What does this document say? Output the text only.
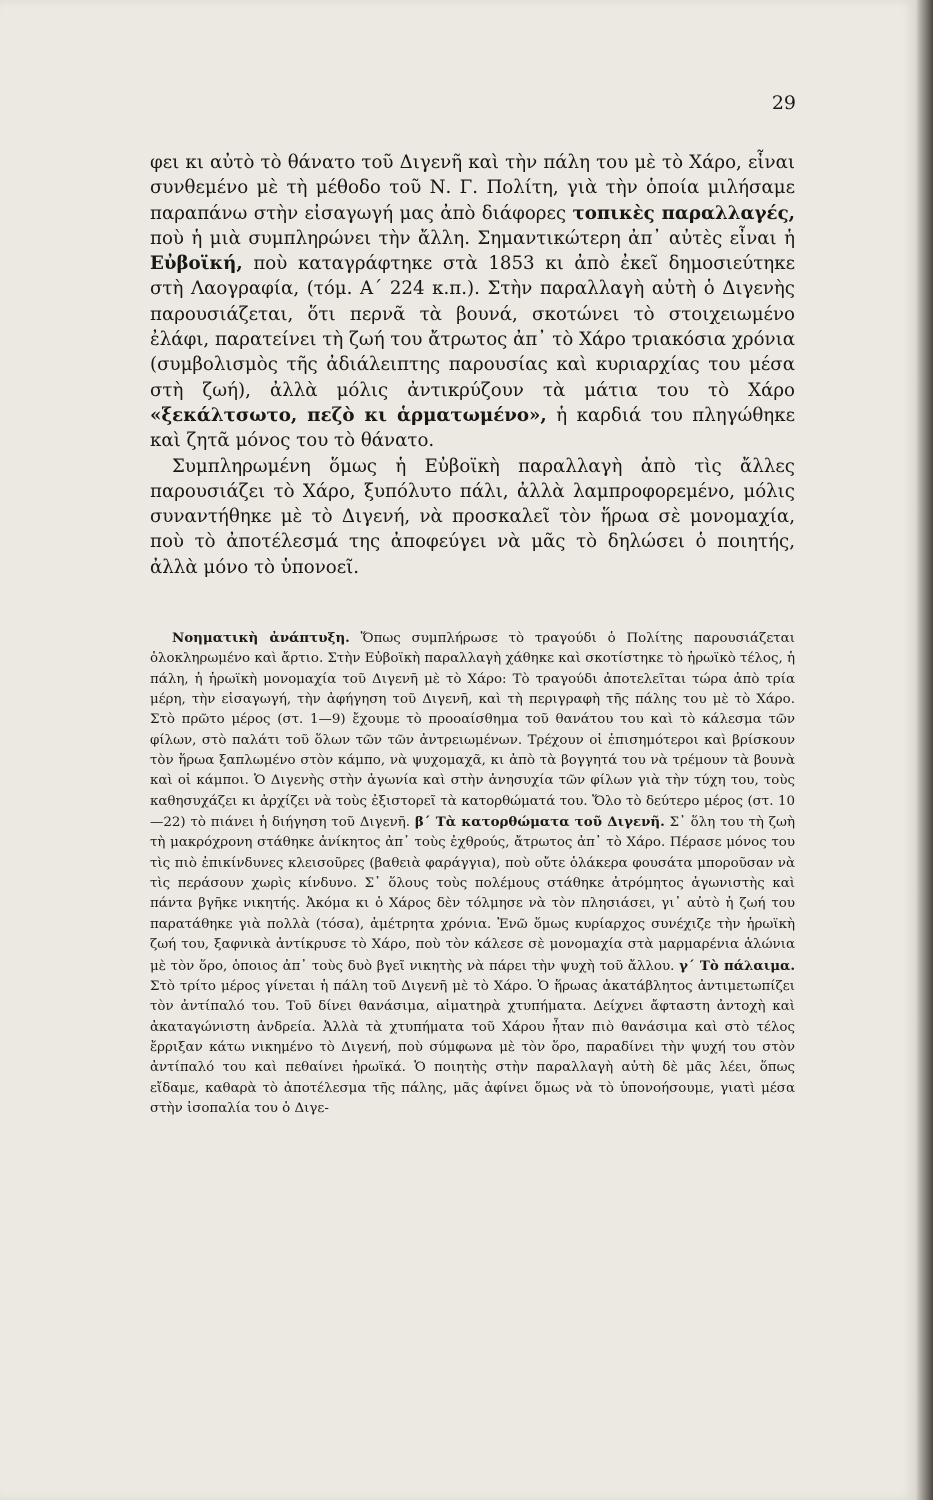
29

φει κι αὐτὸ τὸ θάνατο τοῦ Διγενῆ καὶ τὴν πάλη του μὲ τὸ Χάρο, εἶναι συνθεμένο μὲ τὴ μέθοδο τοῦ Ν. Γ. Πολίτη, γιὰ τὴν ὁποία μιλήσαμε παραπάνω στὴν εἰσαγωγή μας ἀπὸ διάφορες τοπικὲς παραλλαγές, ποὺ ἡ μιὰ συμπληρώνει τὴν ἄλλη. Σημαντικώτερη ἀπ᾽ αὐτὲς εἶναι ἡ Εὐβοϊκή, ποὺ καταγράφτηκε στὰ 1853 κι ἀπὸ ἐκεῖ δημοσιεύτηκε στὴ Λαογραφία, (τόμ. Α΄ 224 κ.π.). Στὴν παραλλαγὴ αὐτὴ ὁ Διγενὴς παρουσιάζεται, ὅτι περνᾶ τὰ βουνά, σκοτώνει τὸ στοιχειωμένο ἐλάφι, παρατείνει τὴ ζωή του ἄτρωτος ἀπ᾽ τὸ Χάρο τριακόσια χρόνια (συμβολισμὸς τῆς ἀδιάλειπτης παρουσίας καὶ κυριαρχίας του μέσα στὴ ζωή), ἀλλὰ μόλις ἀντικρύζουν τὰ μάτια του τὸ Χάρο «ξεκάλτσωτο, πεζὸ κι ἁρματωμένο», ἡ καρδιά του πληγώθηκε καὶ ζητᾶ μόνος του τὸ θάνατο.

Συμπληρωμένη ὅμως ἡ Εὐβοϊκὴ παραλλαγὴ ἀπὸ τὶς ἄλλες παρουσιάζει τὸ Χάρο, ξυπόλυτο πάλι, ἀλλὰ λαμπροφορεμένο, μόλις συναντήθηκε μὲ τὸ Διγενή, νὰ προσκαλεῖ τὸν ἥρωα σὲ μονομαχία, ποὺ τὸ ἀποτέλεσμά της ἀποφεύγει νὰ μᾶς τὸ δηλώσει ὁ ποιητής, ἀλλὰ μόνο τὸ ὑπονοεῖ.

Νοηματικὴ ἀνάπτυξη. Ὅπως συμπλήρωσε τὸ τραγούδι ὁ Πολίτης παρουσιάζεται ὁλοκληρωμένο καὶ ἄρτιο. Στὴν Εὐβοϊκὴ παραλλαγὴ χάθηκε καὶ σκοτίστηκε τὸ ἡρωϊκὸ τέλος, ἡ πάλη, ἡ ἡρωϊκὴ μονομαχία τοῦ Διγενῆ μὲ τὸ Χάρο: Τὸ τραγούδι ἀποτελεῖται τώρα ἀπὸ τρία μέρη, τὴν εἰσαγωγή, τὴν ἀφήγηση τοῦ Διγενῆ, καὶ τὴ περιγραφὴ τῆς πάλης του μὲ τὸ Χάρο. Στὸ πρῶτο μέρος (στ. 1—9) ἔχουμε τὸ προοαίσθημα τοῦ θανάτου του καὶ τὸ κάλεσμα τῶν φίλων, στὸ παλάτι τοῦ ὅλων τῶν τῶν ἀντρειωμένων. Τρέχουν οἱ ἐπισημότεροι καὶ βρίσκουν τὸν ἥρωα ξαπλωμένο στὸν κάμπο, νὰ ψυχομαχᾶ, κι ἀπὸ τὰ βογγητά του νὰ τρέμουν τὰ βουνὰ καὶ οἱ κάμποι. Ὁ Διγενὴς στὴν ἀγωνία καὶ στὴν ἀνησυχία τῶν φίλων γιὰ τὴν τύχη του, τοὺς καθησυχάζει κι ἀρχίζει νὰ τοὺς ἐξιστορεῖ τὰ κατορθώματά του. Ὅλο τὸ δεύτερο μέρος (στ. 10—22) τὸ πιάνει ἡ διήγηση τοῦ Διγενῆ. β΄ Τὰ κατορθώματα τοῦ Διγενῆ. Σ᾽ ὅλη του τὴ ζωὴ τὴ μακρόχρονη στάθηκε ἀνίκητος ἀπ᾽ τοὺς ἐχθρούς, ἄτρωτος ἀπ᾽ τὸ Χάρο. Πέρασε μόνος του τὶς πιὸ ἐπικίνδυνες κλεισοῦρες (βαθειὰ φαράγγια), ποὺ οὔτε ὁλάκερα φουσάτα μποροῦσαν νὰ τὶς περάσουν χωρὶς κίνδυνο. Σ᾽ ὅλους τοὺς πολέμους στάθηκε ἀτρόμητος ἀγωνιστὴς καὶ πάντα βγῆκε νικητής. Ἀκόμα κι ὁ Χάρος δὲν τόλμησε νὰ τὸν πλησιάσει, γι᾽ αὐτὸ ἡ ζωή του παρατάθηκε γιὰ πολλὰ (τόσα), ἀμέτρητα χρόνια. Ἐνῶ ὅμως κυρίαρχος συνέχιζε τὴν ἡρωϊκὴ ζωή του, ξαφνικὰ ἀντίκρυσε τὸ Χάρο, ποὺ τὸν κάλεσε σὲ μονομαχία στὰ μαρμαρένια ἁλώνια μὲ τὸν ὅρο, ὁποιος ἀπ᾽ τοὺς δυὸ βγεῖ νικητὴς νὰ πάρει τὴν ψυχὴ τοῦ ἄλλου. γ΄ Τὸ πάλαιμα. Στὸ τρίτο μέρος γίνεται ἡ πάλη τοῦ Διγενῆ μὲ τὸ Χάρο. Ὁ ἥρωας ἀκατάβλητος ἀντιμετωπίζει τὸν ἀντίπαλό του. Τοῦ δίνει θανάσιμα, αἱματηρὰ χτυπήματα. Δείχνει ἄφταστη ἀντοχὴ καὶ ἀκαταγώνιστη ἀνδρεία. Ἀλλὰ τὰ χτυπήματα τοῦ Χάρου ἦταν πιὸ θανάσιμα καὶ στὸ τέλος ἔρριξαν κάτω νικημένο τὸ Διγενή, ποὺ σύμφωνα μὲ τὸν ὅρο, παραδίνει τὴν ψυχή του στὸν ἀντίπαλό του καὶ πεθαίνει ἡρωϊκά. Ὁ ποιητὴς στὴν παραλλαγὴ αὐτὴ δὲ μᾶς λέει, ὅπως εἴδαμε, καθαρὰ τὸ ἀποτέλεσμα τῆς πάλης, μᾶς ἀφίνει ὅμως νὰ τὸ ὑπονοήσουμε, γιατὶ μέσα στὴν ἰσοπαλία του ὁ Διγε-
